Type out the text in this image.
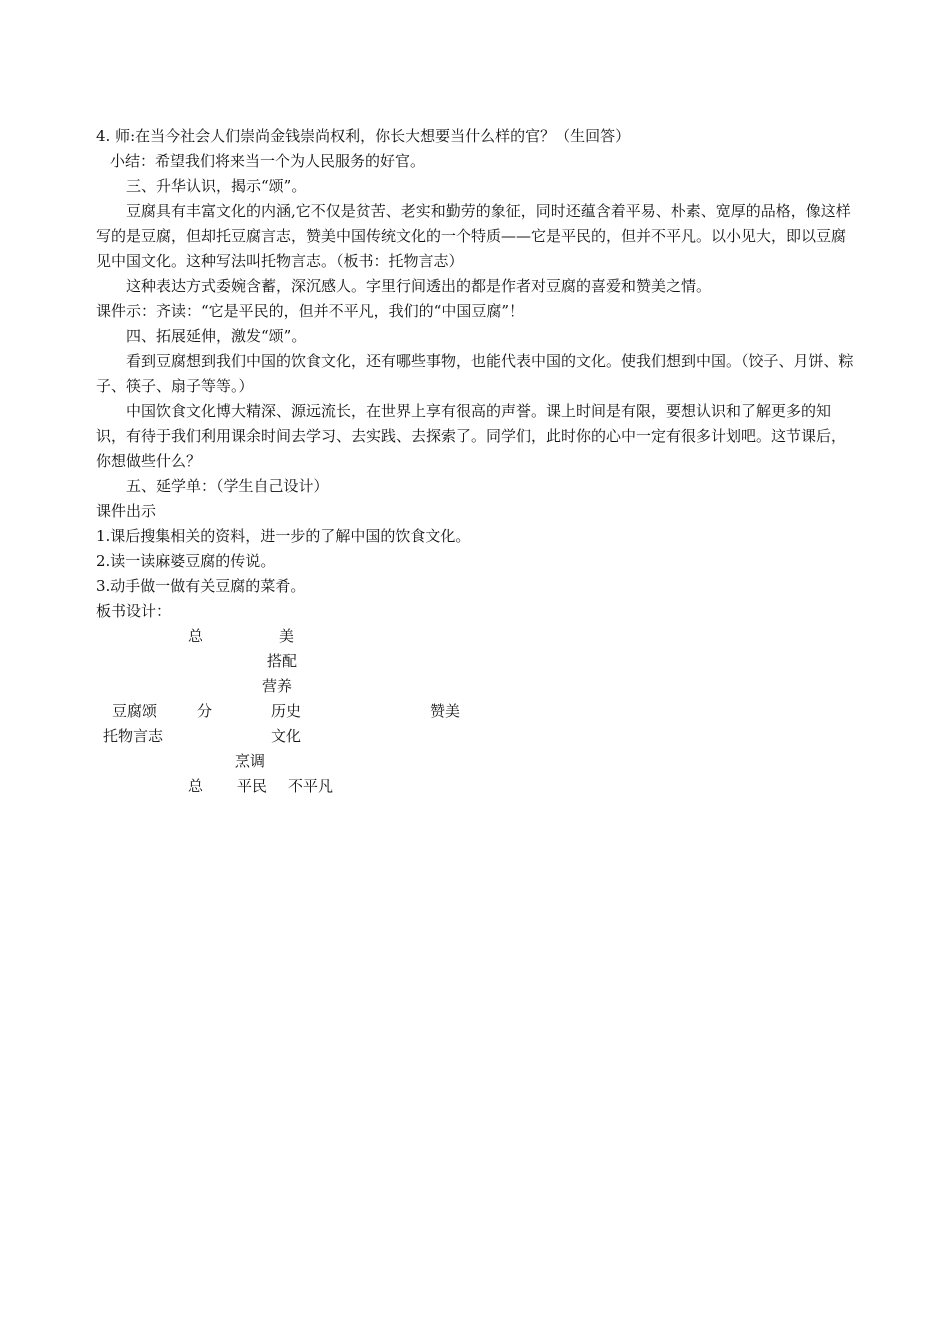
4. 师:在当今社会人们崇尚金钱崇尚权利，你长大想要当什么样的官？（生回答）

小结：希望我们将来当一个为人民服务的好官。

三、升华认识，揭示“颂”。

豆腐具有丰富文化的内涵,它不仅是贫苦、老实和勤劳的象征，同时还蕴含着平易、朴素、宽厚的品格，像这样写的是豆腐，但却托豆腐言志，赞美中国传统文化的一个特质——它是平民的，但并不平凡。以小见大，即以豆腐见中国文化。这种写法叫托物言志。（板书：托物言志）

这种表达方式委婉含蓄，深沉感人。字里行间透出的都是作者对豆腐的喜爱和赞美之情。

课件示：齐读：“它是平民的，但并不平凡，我们的“中国豆腐”！

四、拓展延伸，激发“颂”。

看到豆腐想到我们中国的饮食文化，还有哪些事物，也能代表中国的文化。使我们想到中国。（饺子、月饼、粽子、筷子、扇子等等。）

中国饮食文化博大精深、源远流长，在世界上享有很高的声誉。课上时间是有限，要想认识和了解更多的知识，有待于我们利用课余时间去学习、去实践、去探索了。同学们，此时你的心中一定有很多计划吧。这节课后，你想做些什么？

五、延学单：（学生自己设计）

课件出示

1.课后搜集相关的资料，进一步的了解中国的饮食文化。

2.读一读麻婆豆腐的传说。

3.动手做一做有关豆腐的菜肴。

板书设计：

总	美
搭配
营养
豆腐颂	分	历史	赞美
托物言志	文化
烹调
总 平民 不平凡
